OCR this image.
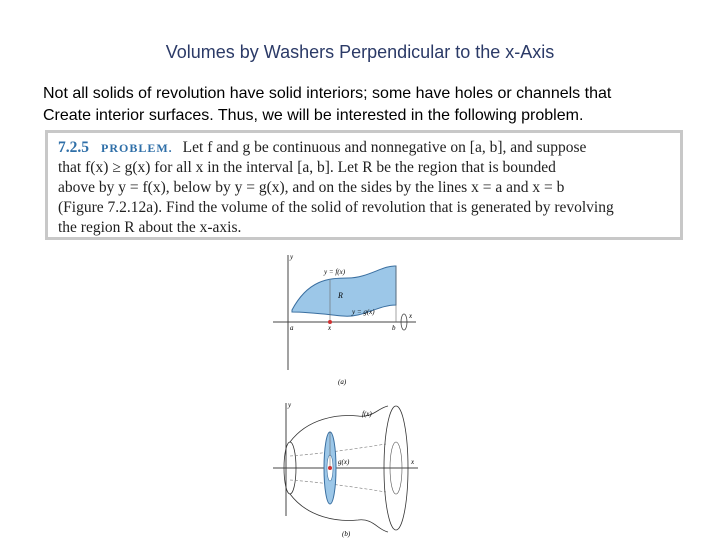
Volumes by Washers Perpendicular to the x-Axis
Not all solids of revolution have solid interiors; some have holes or channels that
Create interior surfaces. Thus, we will be interested in the following problem.
7.2.5 PROBLEM. Let f and g be continuous and nonnegative on [a, b], and suppose
that f(x) ≥ g(x) for all x in the interval [a, b]. Let R be the region that is bounded
above by y = f(x), below by y = g(x), and on the sides by the lines x = a and x = b
(Figure 7.2.12a). Find the volume of the solid of revolution that is generated by revolving
the region R about the x-axis.
y
y = f(x)
R
y = g(x)
a	x	b
x
(a)
y
f(x)
g(x)	x
(b)
